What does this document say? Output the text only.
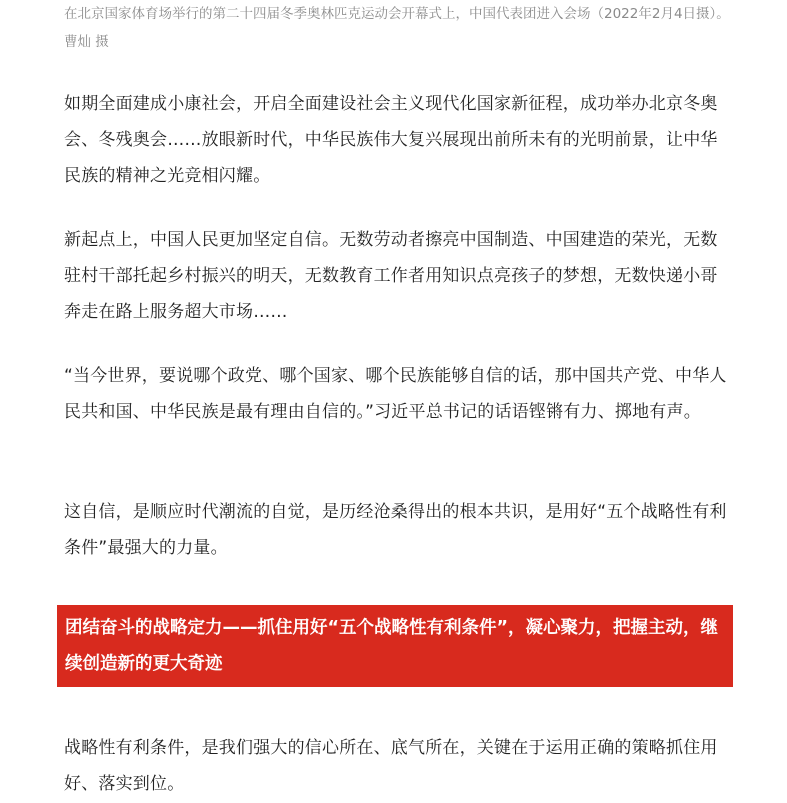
在北京国家体育场举行的第二十四届冬季奥林匹克运动会开幕式上，中国代表团进入会场（2022年2月4日摄）。曹灿 摄

如期全面建成小康社会，开启全面建设社会主义现代化国家新征程，成功举办北京冬奥会、冬残奥会……放眼新时代，中华民族伟大复兴展现出前所未有的光明前景，让中华民族的精神之光竞相闪耀。

新起点上，中国人民更加坚定自信。无数劳动者擦亮中国制造、中国建造的荣光，无数驻村干部托起乡村振兴的明天，无数教育工作者用知识点亮孩子的梦想，无数快递小哥奔走在路上服务超大市场……

“当今世界，要说哪个政党、哪个国家、哪个民族能够自信的话，那中国共产党、中华人民共和国、中华民族是最有理由自信的。”习近平总书记的话语铿锵有力、掷地有声。

这自信，是顺应时代潮流的自觉，是历经沧桑得出的根本共识，是用好“五个战略性有利条件”最强大的力量。

战略性有利条件，是我们强大的信心所在、底气所在，关键在于运用正确的策略抓住用好、落实到位。

团结奋斗的战略定力——抓住用好“五个战略性有利条件”，凝心聚力，把握主动，继续创造新的更大奇迹
